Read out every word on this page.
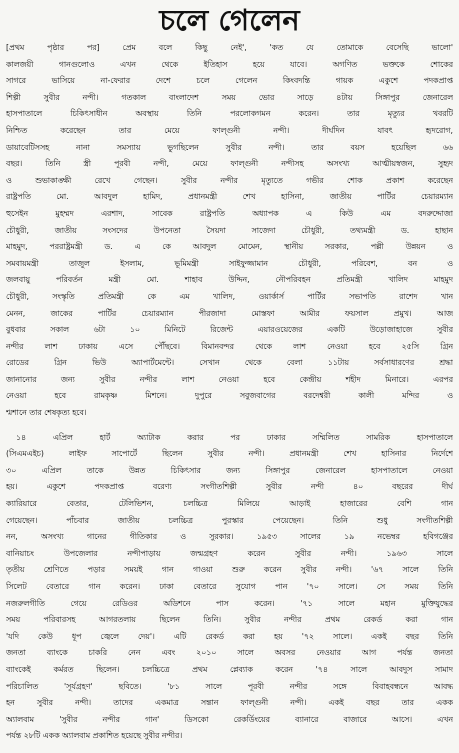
চলে গেলেন
[প্রথম পৃষ্ঠার পর]	প্রেম বলে কিছু নেই', 'কত যে তোমাকে বেসেছি ভালো'
কালজয়ী গানগুলোও এখন থেকে ইতিহাস হয়ে যাবে। অগণিত ভক্তকে শোকের
সাগরে ভাসিয়ে না-ফেরার দেশে চলে গেলেন কিংবদন্তি গায়ক একুশে পদকপ্রাপ্ত
শিল্পী সুবীর নন্দী। গতকাল বাংলাদেশ সময় ভোর সাড়ে ৪টায় সিঙ্গাপুর জেনারেল
হাসপাতালে চিকিৎসাধীন অবস্থায় তিনি পরলোকগমন করেন। তার মৃত্যুর খবরটি
নিশ্চিত করেছেন তার মেয়ে ফাল্গুনী নন্দী। দীর্ঘদিন যাবৎ হৃদরোগ,
ডায়াবেটিসসহ নানা সমস্যায় ভুগছিলেন সুবীর নন্দী। তার বয়স হয়েছিল ৬৬
বছর। তিনি স্ত্রী পূরবী নন্দী, মেয়ে ফাল্গুনী নন্দীসহ অসংখ্য আত্মীয়স্বজন, সুহৃদ
ও শুভাকাঙ্ক্ষী রেখে গেছেন। সুবীর নন্দীর মৃত্যুতে গভীর শোক প্রকাশ করেছেন
রাষ্ট্রপতি মো. আবদুল হামিদ, প্রধানমন্ত্রী শেখ হাসিনা, জাতীয় পার্টির চেয়ারম্যান
হুসেইন মুহম্মদ এরশাদ, সাবেক রাষ্ট্রপতি অধ্যাপক এ কিউ এম বদরুদ্দোজা
চৌধুরী, জাতীয় সংসদের উপনেতা সৈয়দা সাজেদা চৌধুরী, তথ্যমন্ত্রী ড. হাছান
মাহমুদ, পররাষ্ট্রমন্ত্রী ড. এ কে আবদুল মোমেন, স্থানীয় সরকার, পল্লী উন্নয়ন ও
সমবায়মন্ত্রী তাজুল ইসলাম, ভূমিমন্ত্রী সাইফুজ্জামান চৌধুরী, পরিবেশ, বন ও
জলবায়ু পরিবর্তন মন্ত্রী মো. শাহাব উদ্দিন, নৌপরিবহন প্রতিমন্ত্রী খালিদ মাহমুদ
চৌধুরী, সংস্কৃতি প্রতিমন্ত্রী কে এম খালিদ, ওয়ার্কার্স পার্টির সভাপতি রাশেদ খান
মেনন, জাকের পার্টির চেয়ারম্যান পীরজাদা মোস্তফা আমীর ফয়সাল প্রমুখ। আজ
বুধবার সকাল ৬টা ১০ মিনিটে রিজেন্ট এয়ারওয়েজের একটি উড়োজাহাজে সুবীর
নন্দীর লাশ ঢাকায় এসে পৌঁছবে। বিমানবন্দর থেকে লাশ নেওয়া হবে ২৫সি গ্রিন
রোডের গ্রিন ভিউ অ্যাপার্টমেন্টে। সেখান থেকে বেলা ১১টায় সর্বসাধারণের শ্রদ্ধা
জানানোর জন্য সুবীর নন্দীর লাশ নেওয়া হবে কেন্দ্রীয় শহীদ মিনারে। এরপর
নেওয়া হবে রামকৃষ্ণ মিশনে। দুপুরে সবুজবাগের বরদেশ্বরী কালী মন্দির ও
শ্মশানে তার শেষকৃত্য হবে।
১৪ এপ্রিল হার্ট অ্যাটাক করার পর ঢাকার সম্মিলিত সামরিক হাসপাতালে
(সিএমএইচ) লাইফ সাপোর্টে ছিলেন সুবীর নন্দী। প্রধানমন্ত্রী শেখ হাসিনার নির্দেশে
৩০ এপ্রিল তাকে উন্নত চিকিৎসার জন্য সিঙ্গাপুর জেনারেল হাসপাতালে নেওয়া
হয়। একুশে পদকপ্রাপ্ত বরেণ্য সংগীতশিল্পী সুবীর নন্দী ৪০ বছরের দীর্ঘ
ক্যারিয়ারে বেতার, টেলিভিশন, চলচ্চিত্র মিলিয়ে আড়াই হাজারের বেশি গান
গেয়েছেন। পাঁচবার জাতীয় চলচ্চিত্র পুরস্কার পেয়েছেন। তিনি শুধু সংগীতশিল্পী
নন, অসংখ্য গানের গীতিকার ও সুরকার। ১৯৫৩ সালের ১৯ নভেম্বর হবিগঞ্জের
বানিয়াচং উপজেলার নন্দীপাড়ায় জন্মগ্রহণ করেন সুবীর নন্দী। ১৯৬৩ সালে
তৃতীয় শ্রেণিতে পড়ার সময়ই গান গাওয়া শুরু করেন সুবীর নন্দী। '৬৭ সালে তিনি
সিলেট বেতারে গান করেন। ঢাকা বেতারে সুযোগ পান '৭০ সালে। সে সময় তিনি
নজরুলগীতি গেয়ে রেডিওর অডিশনে পাস করেন। '৭১ সালে মহান মুক্তিযুদ্ধের
সময় পরিবারসহ আগরতলায় ছিলেন তিনি। সুবীর নন্দীর প্রথম রেকর্ড করা গান
'যদি কেউ ধূপ জ্বেলে দেয়'। এটি রেকর্ড করা হয় '৭২ সালে। একই বছর তিনি
জনতা ব্যাংকে চাকরি নেন এবং ২০১০ সালে অবসর নেওয়ার আগ পর্যন্ত জনতা
ব্যাংকেই কর্মরত ছিলেন। চলচ্চিত্রে প্রথম প্লেব্যাক করেন '৭৪ সালে আবদুস সামাদ
পরিচালিত 'সূর্যগ্রহণ' ছবিতে। '৮১ সালে পূরবী নন্দীর সঙ্গে বিবাহবন্ধনে আবদ্ধ
হন সুবীর নন্দী। তাদের একমাত্র সন্তান ফাল্গুনী নন্দী। একই বছর তার একক
অ্যালবাম 'সুবীর নন্দীর গান' ডিসকো রেকর্ডিংয়ের ব্যানারে বাজারে আসে। এখন
পর্যন্ত ২৮টি একক অ্যালবাম প্রকাশিত হয়েছে সুবীর নন্দীর।
